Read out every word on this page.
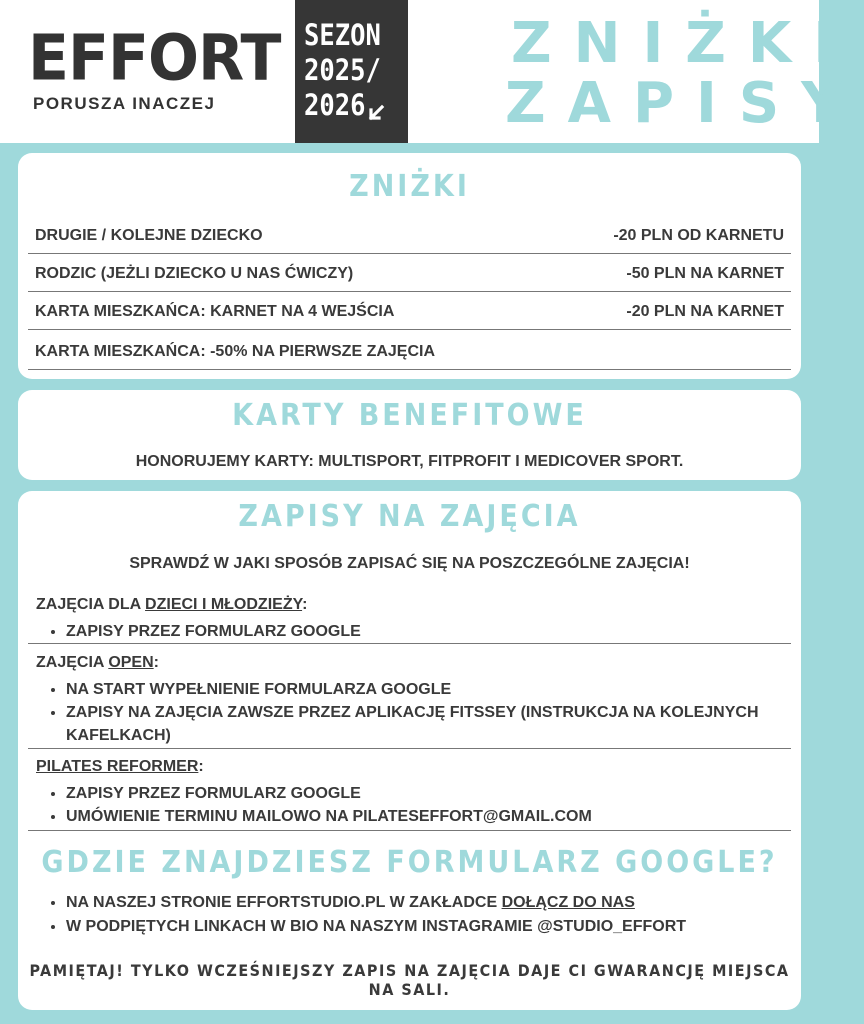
EFFORT
PORUSZA INACZEJ
SEZON
2025/
2026
ZNIŻKI
ZAPISY
ZNIŻKI
DRUGIE / KOLEJNE DZIECKO	-20 PLN OD KARNETU
RODZIC (JEŻLI DZIECKO U NAS ĆWICZY)	-50 PLN NA KARNET
KARTA MIESZKAŃCA: KARNET NA 4 WEJŚCIA	-20 PLN NA KARNET
KARTA MIESZKAŃCA: -50% NA PIERWSZE ZAJĘCIA
KARTY BENEFITOWE
HONORUJEMY KARTY: MULTISPORT, FITPROFIT I MEDICOVER SPORT.
ZAPISY NA ZAJĘCIA
SPRAWDŹ W JAKI SPOSÓB ZAPISAĆ SIĘ NA POSZCZEGÓLNE ZAJĘCIA!
ZAJĘCIA DLA DZIECI I MŁODZIEŻY:
• ZAPISY PRZEZ FORMULARZ GOOGLE
ZAJĘCIA OPEN:
• NA START WYPEŁNIENIE FORMULARZA GOOGLE
• ZAPISY NA ZAJĘCIA ZAWSZE PRZEZ APLIKACJĘ FITSSEY (INSTRUKCJA NA KOLEJNYCH KAFELKACH)
PILATES REFORMER:
• ZAPISY PRZEZ FORMULARZ GOOGLE
• UMÓWIENIE TERMINU MAILOWO NA PILATESEFFORT@GMAIL.COM
GDZIE ZNAJDZIESZ FORMULARZ GOOGLE?
• NA NASZEJ STRONIE EFFORTSTUDIO.PL W ZAKŁADCE DOŁĄCZ DO NAS
• W PODPIĘTYCH LINKACH W BIO NA NASZYM INSTAGRAMIE @STUDIO_EFFORT
PAMIĘTAJ! TYLKO WCZEŚNIEJSZY ZAPIS NA ZAJĘCIA DAJE CI GWARANCJĘ MIEJSCA NA SALI.
